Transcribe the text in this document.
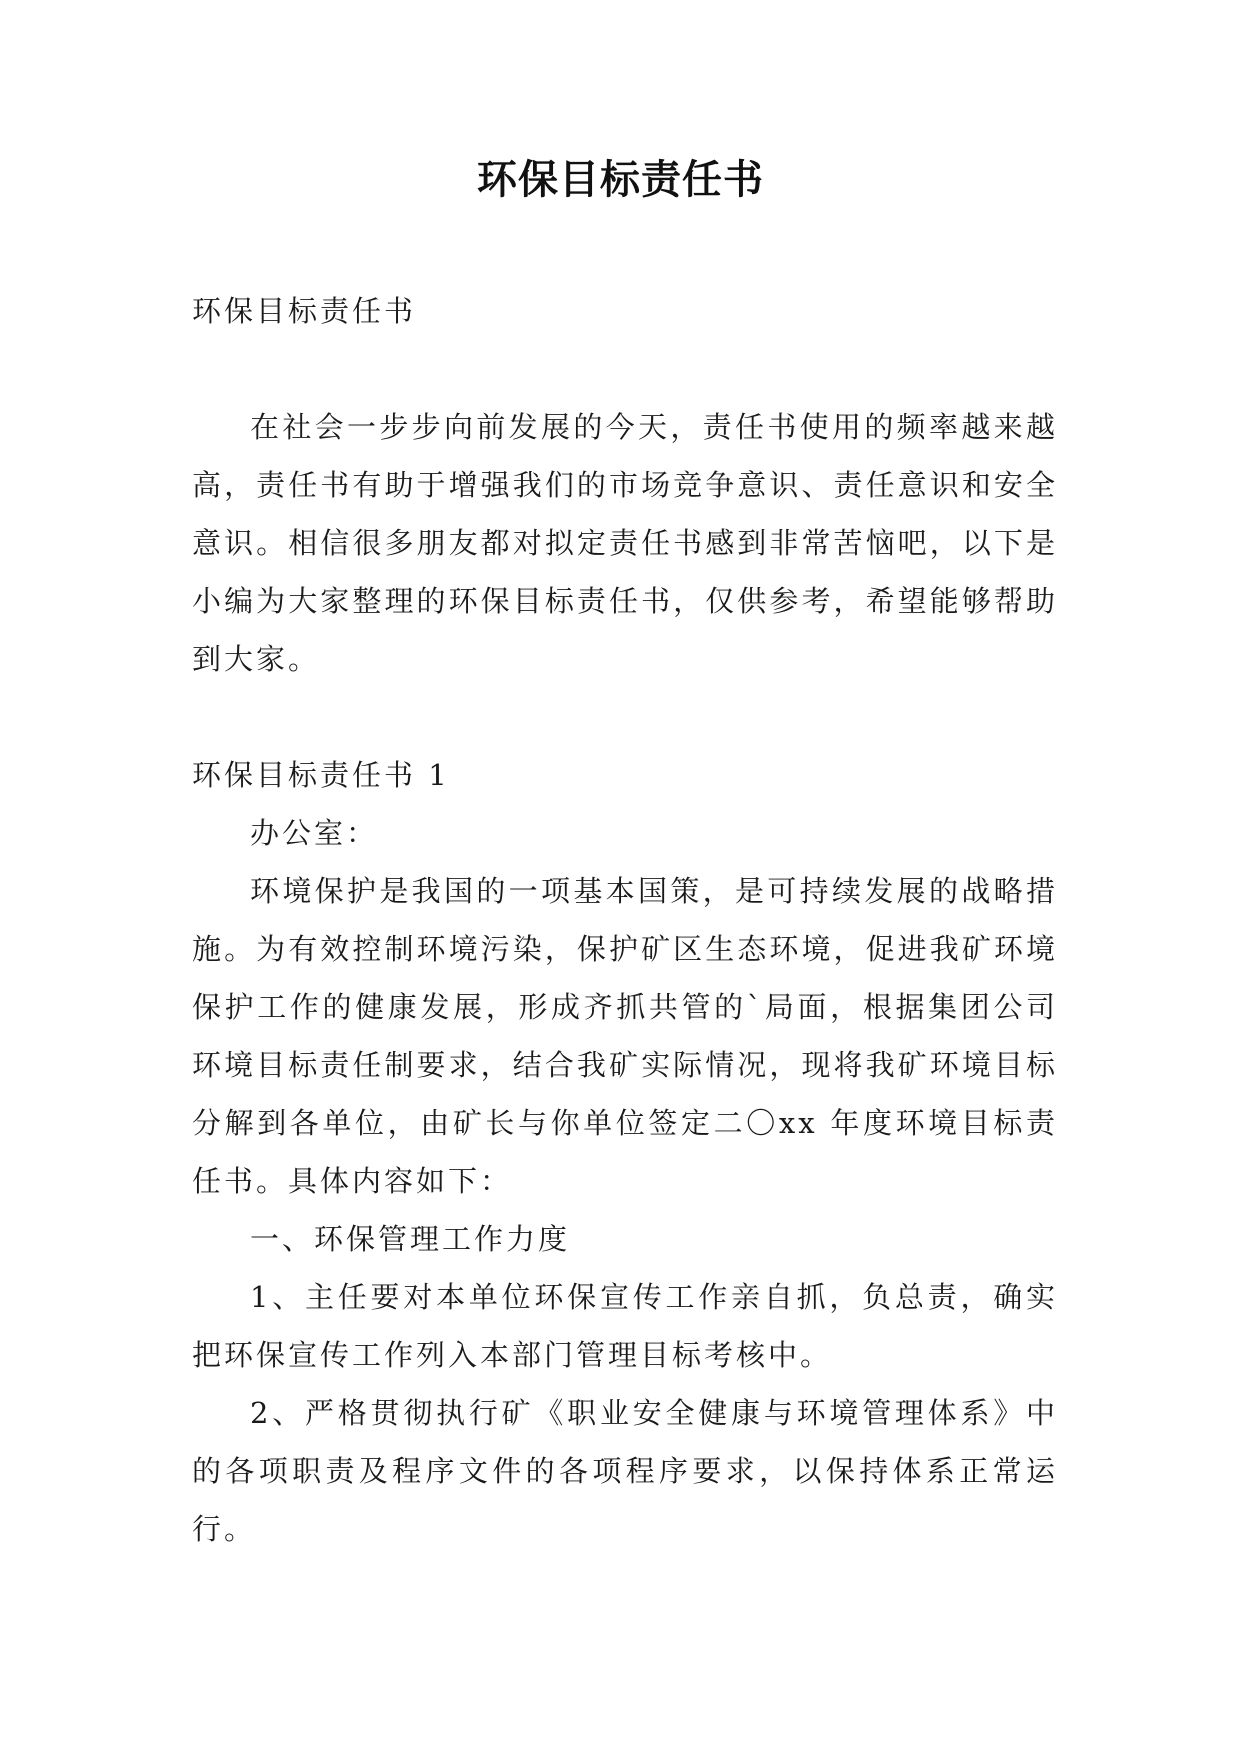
环保目标责任书

环保目标责任书

在社会一步步向前发展的今天，责任书使用的频率越来越高，责任书有助于增强我们的市场竞争意识、责任意识和安全意识。相信很多朋友都对拟定责任书感到非常苦恼吧，以下是小编为大家整理的环保目标责任书，仅供参考，希望能够帮助到大家。

环保目标责任书 1

办公室：

环境保护是我国的一项基本国策，是可持续发展的战略措施。为有效控制环境污染，保护矿区生态环境，促进我矿环境保护工作的健康发展，形成齐抓共管的`局面，根据集团公司环境目标责任制要求，结合我矿实际情况，现将我矿环境目标分解到各单位，由矿长与你单位签定二〇xx 年度环境目标责任书。具体内容如下：

一、环保管理工作力度

1、主任要对本单位环保宣传工作亲自抓，负总责，确实把环保宣传工作列入本部门管理目标考核中。

2、严格贯彻执行矿《职业安全健康与环境管理体系》中的各项职责及程序文件的各项程序要求，以保持体系正常运行。
